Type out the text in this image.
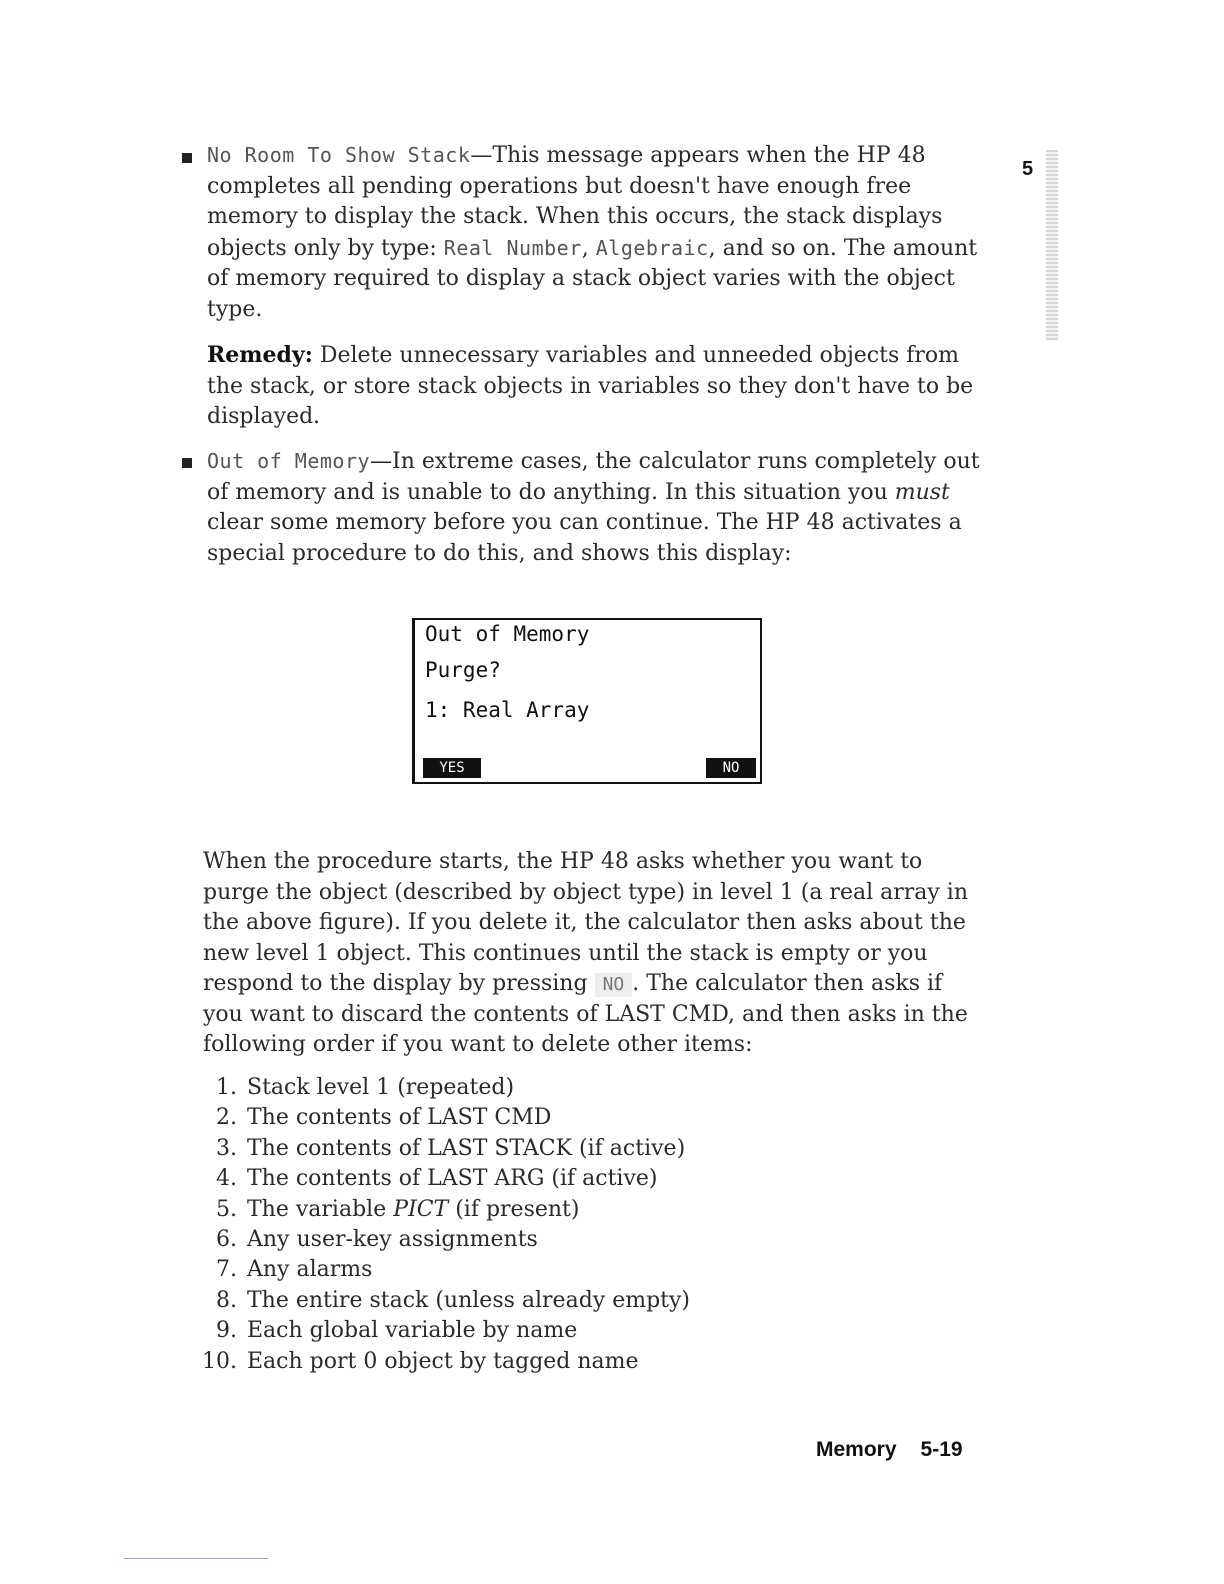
5

No Room To Show Stack—This message appears when the HP 48 completes all pending operations but doesn't have enough free memory to display the stack. When this occurs, the stack displays objects only by type: Real Number, Algebraic, and so on. The amount of memory required to display a stack object varies with the object type.

Remedy: Delete unnecessary variables and unneeded objects from the stack, or store stack objects in variables so they don't have to be displayed.

Out of Memory—In extreme cases, the calculator runs completely out of memory and is unable to do anything. In this situation you must clear some memory before you can continue. The HP 48 activates a special procedure to do this, and shows this display:

Out of Memory
Purge?
1: Real Array
YES	NO

When the procedure starts, the HP 48 asks whether you want to purge the object (described by object type) in level 1 (a real array in the above figure). If you delete it, the calculator then asks about the new level 1 object. This continues until the stack is empty or you respond to the display by pressing NO . The calculator then asks if you want to discard the contents of LAST CMD, and then asks in the following order if you want to delete other items:

1. Stack level 1 (repeated)
2. The contents of LAST CMD
3. The contents of LAST STACK (if active)
4. The contents of LAST ARG (if active)
5. The variable PICT (if present)
6. Any user-key assignments
7. Any alarms
8. The entire stack (unless already empty)
9. Each global variable by name
10. Each port 0 object by tagged name
Memory 5-19
